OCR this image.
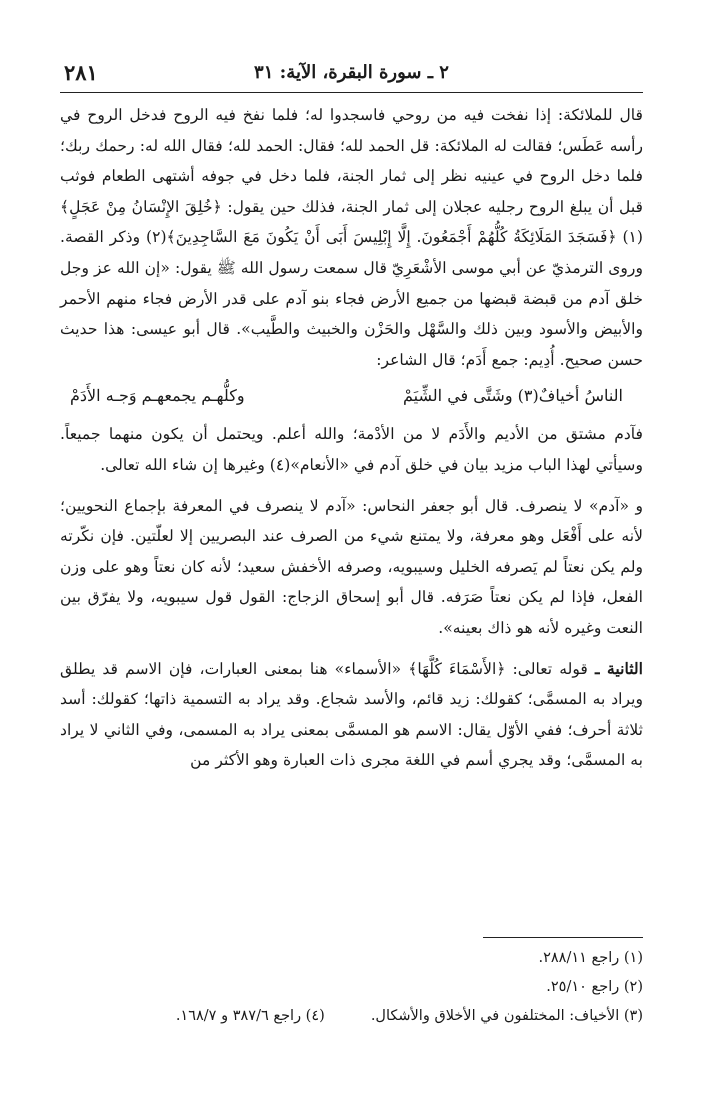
٢ ـ سورة البقرة، الآية: ٣١
٢٨١

قال للملائكة: إذا نفخت فيه من روحي فاسجدوا له؛ فلما نفخ فيه الروح فدخل الروح في رأسه عَطَس؛ فقالت له الملائكة: قل الحمد لله؛ فقال: الحمد لله؛ فقال الله له: رحمك ربك؛ فلما دخل الروح في عينيه نظر إلى ثمار الجنة، فلما دخل في جوفه أشتهى الطعام فوثب قبل أن يبلغ الروح رجليه عجلان إلى ثمار الجنة، فذلك حين يقول: ﴿خُلِقَ الإِنْسَانُ مِنْ عَجَلٍ﴾(١) ﴿فَسَجَدَ المَلَائِكَةُ كُلُّهُمْ أَجْمَعُونَ. إِلَّا إِبْلِيسَ أَبَى أَنْ يَكُونَ مَعَ السَّاجِدِينَ﴾(٢) وذكر القصة. وروى الترمذيّ عن أبي موسى الأشْعَرِيّ قال سمعت رسول الله ﷺ يقول: «إن الله عز وجل خلق آدم من قبضة قبضها من جميع الأرض فجاء بنو آدم على قدر الأرض فجاء منهم الأحمر والأبيض والأسود وبين ذلك والسَّهْل والحَزْن والخبيث والطَّيب». قال أبو عيسى: هذا حديث حسن صحيح. أُدِيم: جمع أَدَم؛ قال الشاعر:

الناسُ أخيافٌ(٣) وشَتَّى في الشِّيَمْ
وكلُّهـم يجمعهـم وَجـه الأَدَمْ

فآدم مشتق من الأديم والأَدَم لا من الأدْمة؛ والله أعلم. ويحتمل أن يكون منهما جميعاً. وسيأتي لهذا الباب مزيد بيان في خلق آدم في «الأنعام»(٤) وغيرها إن شاء الله تعالى.

و «آدم» لا ينصرف. قال أبو جعفر النحاس: «آدم لا ينصرف في المعرفة بإجماع النحويين؛ لأنه على أَفْعَل وهو معرفة، ولا يمتنع شيء من الصرف عند البصريين إلا لعلّتين. فإن نكّرته ولم يكن نعتاً لم يَصرفه الخليل وسيبويه، وصرفه الأخفش سعيد؛ لأنه كان نعتاً وهو على وزن الفعل، فإذا لم يكن نعتاً صَرَفه. قال أبو إسحاق الزجاج: القول قول سيبويه، ولا يفرّق بين النعت وغيره لأنه هو ذاك بعينه».

الثانية ـ قوله تعالى: ﴿الأَسْمَاءَ كُلَّهَا﴾ «الأسماء» هنا بمعنى العبارات، فإن الاسم قد يطلق ويراد به المسمَّى؛ كقولك: زيد قائم، والأسد شجاع. وقد يراد به التسمية ذاتها؛ كقولك: أسد ثلاثة أحرف؛ ففي الأوّل يقال: الاسم هو المسمَّى بمعنى يراد به المسمى، وفي الثاني لا يراد به المسمَّى؛ وقد يجري أسم في اللغة مجرى ذات العبارة وهو الأكثر من

(١) راجع ٢٨٨/١١.
(٢) راجع ٢٥/١٠.
(٣) الأخياف: المختلفون في الأخلاق والأشكال.
(٤) راجع ٣٨٧/٦ و ١٦٨/٧.
